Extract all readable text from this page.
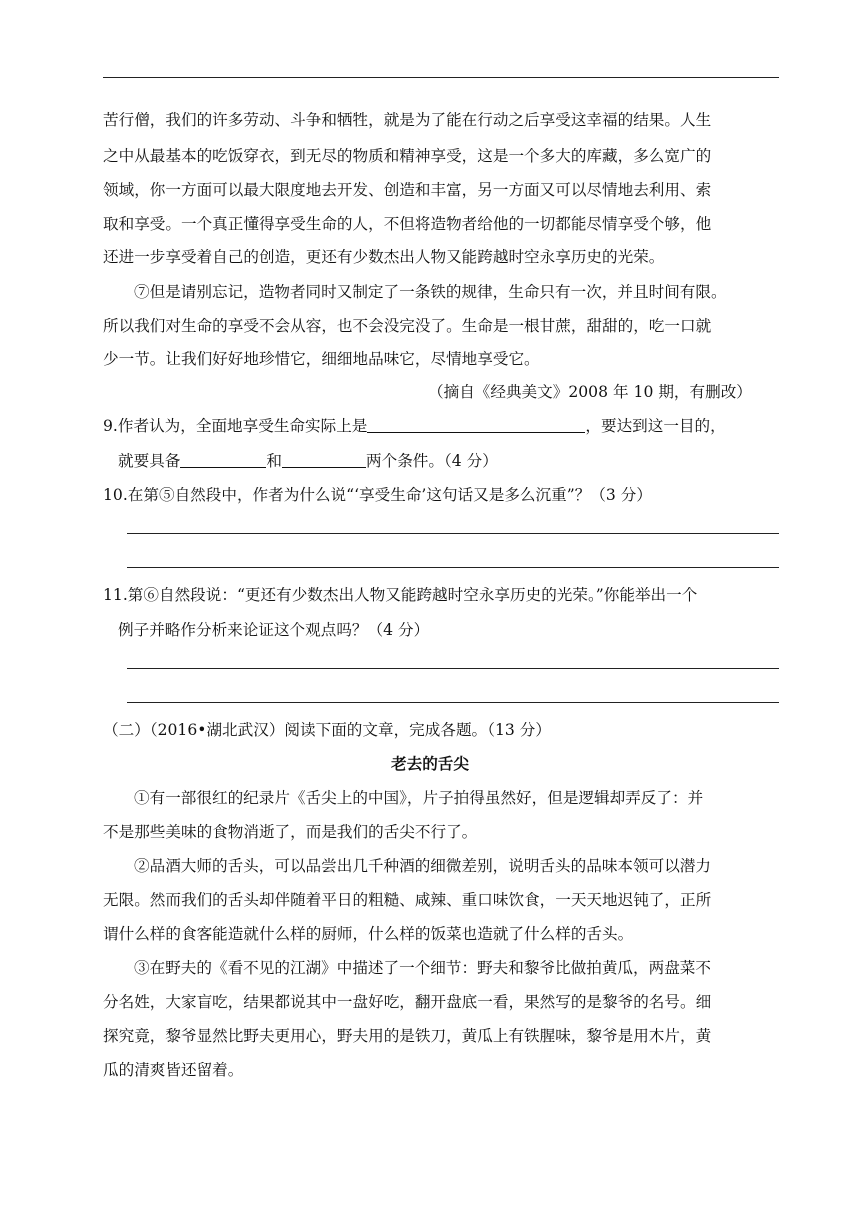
苦行僧，我们的许多劳动、斗争和牺牲，就是为了能在行动之后享受这幸福的结果。人生
之中从最基本的吃饭穿衣，到无尽的物质和精神享受，这是一个多大的库藏，多么宽广的
领域，你一方面可以最大限度地去开发、创造和丰富，另一方面又可以尽情地去利用、索
取和享受。一个真正懂得享受生命的人，不但将造物者给他的一切都能尽情享受个够，他
还进一步享受着自己的创造，更还有少数杰出人物又能跨越时空永享历史的光荣。
⑦但是请别忘记，造物者同时又制定了一条铁的规律，生命只有一次，并且时间有限。
所以我们对生命的享受不会从容，也不会没完没了。生命是一根甘蔗，甜甜的，吃一口就
少一节。让我们好好地珍惜它，细细地品味它，尽情地享受它。
（摘自《经典美文》2008 年 10 期，有删改）
9.作者认为，全面地享受生命实际上是	，要达到这一目的，
就要具备	和	两个条件。（4 分）
10.在第⑤自然段中，作者为什么说“‘享受生命’这句话又是多么沉重”？（3 分）
11.第⑥自然段说：“更还有少数杰出人物又能跨越时空永享历史的光荣。”你能举出一个
例子并略作分析来论证这个观点吗？（4 分）
（二）（2016•湖北武汉）阅读下面的文章，完成各题。（13 分）
老去的舌尖
①有一部很红的纪录片《舌尖上的中国》，片子拍得虽然好，但是逻辑却弄反了：并
不是那些美味的食物消逝了，而是我们的舌尖不行了。
②品酒大师的舌头，可以品尝出几千种酒的细微差别，说明舌头的品味本领可以潜力
无限。然而我们的舌头却伴随着平日的粗糙、咸辣、重口味饮食，一天天地迟钝了，正所
谓什么样的食客能造就什么样的厨师，什么样的饭菜也造就了什么样的舌头。
③在野夫的《看不见的江湖》中描述了一个细节：野夫和黎爷比做拍黄瓜，两盘菜不
分名姓，大家盲吃，结果都说其中一盘好吃，翻开盘底一看，果然写的是黎爷的名号。细
探究竟，黎爷显然比野夫更用心，野夫用的是铁刀，黄瓜上有铁腥味，黎爷是用木片，黄
瓜的清爽皆还留着。
